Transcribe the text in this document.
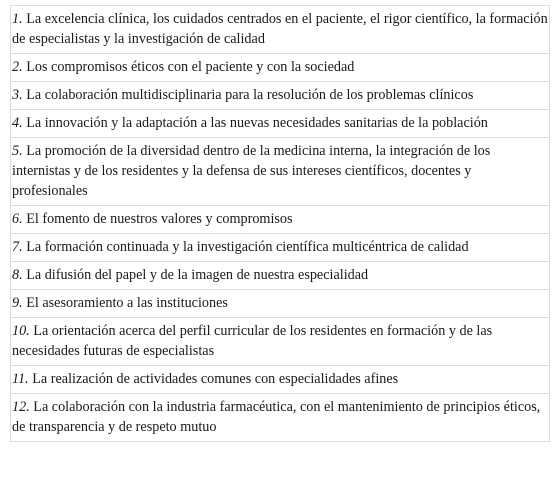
1. La excelencia clínica, los cuidados centrados en el paciente, el rigor científico, la formación de especialistas y la investigación de calidad
2. Los compromisos éticos con el paciente y con la sociedad
3. La colaboración multidisciplinaria para la resolución de los problemas clínicos
4. La innovación y la adaptación a las nuevas necesidades sanitarias de la población
5. La promoción de la diversidad dentro de la medicina interna, la integración de los internistas y de los residentes y la defensa de sus intereses científicos, docentes y profesionales
6. El fomento de nuestros valores y compromisos
7. La formación continuada y la investigación científica multicéntrica de calidad
8. La difusión del papel y de la imagen de nuestra especialidad
9. El asesoramiento a las instituciones
10. La orientación acerca del perfil curricular de los residentes en formación y de las necesidades futuras de especialistas
11. La realización de actividades comunes con especialidades afines
12. La colaboración con la industria farmacéutica, con el mantenimiento de principios éticos, de transparencia y de respeto mutuo
